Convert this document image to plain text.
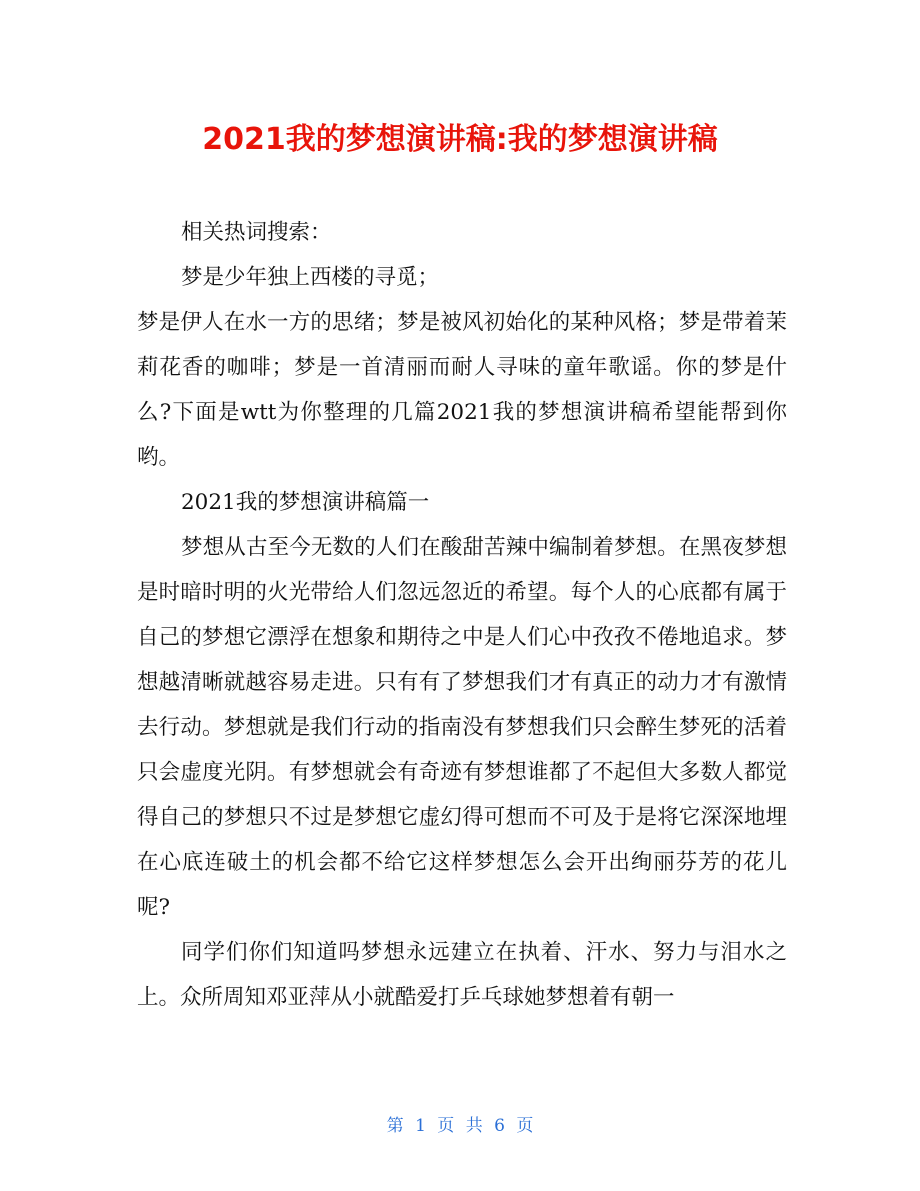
2021我的梦想演讲稿:我的梦想演讲稿

相关热词搜索：

梦是少年独上西楼的寻觅；

梦是伊人在水一方的思绪；梦是被风初始化的某种风格；梦是带着茉莉花香的咖啡；梦是一首清丽而耐人寻味的童年歌谣。你的梦是什么?下面是wtt为你整理的几篇2021我的梦想演讲稿希望能帮到你哟。

2021我的梦想演讲稿篇一

梦想从古至今无数的人们在酸甜苦辣中编制着梦想。在黑夜梦想是时暗时明的火光带给人们忽远忽近的希望。每个人的心底都有属于自己的梦想它漂浮在想象和期待之中是人们心中孜孜不倦地追求。梦想越清晰就越容易走进。只有有了梦想我们才有真正的动力才有激情去行动。梦想就是我们行动的指南没有梦想我们只会醉生梦死的活着只会虚度光阴。有梦想就会有奇迹有梦想谁都了不起但大多数人都觉得自己的梦想只不过是梦想它虚幻得可想而不可及于是将它深深地埋在心底连破土的机会都不给它这样梦想怎么会开出绚丽芬芳的花儿呢?

同学们你们知道吗梦想永远建立在执着、汗水、努力与泪水之上。众所周知邓亚萍从小就酷爱打乒乓球她梦想着有朝一

第 1 页 共 6 页
